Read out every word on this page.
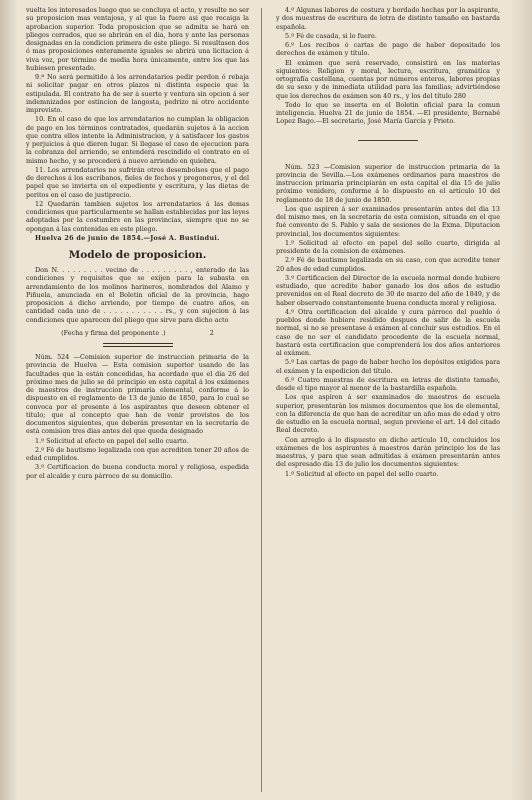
vuelta los interesados luego que se concluya el acto, y resulte no ser su proposicion mas ventajosa, y al que la fuere asi que recaiga la aprobacion superior. Toda proposicion que se admita se hará en pliegos cerrados, que se abrirán en el dia, hora y ante las personas designadas en la condicion primera de este pliego. Si resultasen dos ó mas proposiciones enteramente iguales se abrirá una licitacion á viva voz, por término de media hora únicamente, entre los que las hubiesen presentado.

9.ª No será permitido á los arrendatarios pedir perdon ó rebaja ni solicitar pagar en otros plazos ni distinta especie que la estipulada. El contrato ha de ser á suerte y ventura sin opcion á ser indemnizados por estincion de langosta, pedrizo ni otro accidente imprevisto.

10. En el caso de que los arrendatarios no cumplan la obligacion de pago en los términos contratados, quedarán sujetos á la accion que contra ellos intente la Administracion, y á satisfacer los gastos y perjuicios á que dieren lugar. Si llegase el caso de ejecucion para la cobranza del arriendo, se entenderá rescindido el contrato en el mismo hecho, y se procederá á nuevo arriendo en quiebra.

11. Los arrendatarios no sufrirán otros desembolsos que el pago de derechos á los escribanos, fieles de fechos y pregoneros, y el del papel que se invierta en el expediente y escritura, y las dietas de peritos en el caso de justiprecio.

12 Quedarán tambien sujetos los arrendatarios á las demas condiciones que particularmente se hallan establecidas por las leyes adoptadas por la costumbre en las provincias, siempre que no se opongan á las contenidas en este pliego.

Huelva 26 de junio de 1854.—José A. Bustindui.

Modelo de proposicion.

Don N. . . . . . . . . vecino de . . . . . . . . . , enterado de las condiciones y requisitos que se exijen para la subasta en arrendamiento de los molinos harineros, nombrados del Alamo y Piñuela, anunciada en el Boletin oficial de la provincia, hago proposicion á dicho arriendo, por tiempo de cuatro años, en cantidad cada uno de . . . . . . . . . . . rs., y con sujecion á las condiciones que aparecen del pliego que sirve para dicho acto

(Fecha y firma del proponente .)	2

Núm. 524 —Comision superior de instruccion primaria de la provincia de Huelva — Esta comision superior usando de las facultades que la están concedidas, ha acordado que el dia 26 del próximo mes de julio se dé principio en esta capital á los exámenes de maestros de instruccion primaria elemental, conforme á lo dispuesto en el reglamento de 13 de junio de 1850, para lo cual se convoca por el presente á los aspirantes que deseen obtener el título; que al concepto que han de venir provistos de los documentos siguientes, que deberán presentar en la secretaría de está comision tres dias antes del que queda designado

1.º Solicitud al efecto en papel del sello cuarto.

2.º Fé de bautismo legalizada con que acrediten tener 20 años de edad cumplidos.

3.º Certificacion de buena conducta moral y religiosa, espedida por el alcalde y cura párroco de su domicilio.

4.º Algunas labores de costura y bordado hechas por la aspirante, y dos muestras de escritura de letra de distinto tamaño en bastarda española.

5.º Fé de casada, si lo fuere.

6.º Los recibos ó cartas de pago de haber depositado los derechos de exámen y título.

El exámen que será reservado, consistirá en las materias siguientes: Religion y moral, lectura, escritura, gramática y ortografía castellana, cuentas por números enteros, labores propias de su sexo y de inmediata utilidad para las familias; advirtiéndose que los derechos de exámen son 40 rs., y los del título 280

Todo lo que se inserta en el Boletin oficial para la comun inteligencia. Huelva 21 de junio de 1854. —El presidente, Bernabé Lopez Bago.—El secretario, José María García y Prieto.

Núm. 523 —Comision superior de instruccion primaria de la provincia de Sevilla.—Los exámenes ordinarios para maestros de instruccion primaria principiarán en esta capital el dia 15 de julio próximo venidero, conforme á lo dispuesto en el artículo 10 del reglamento de 18 de junio de 1850.

Los que aspiren á ser examinados presentarán antes del dia 13 del mismo mes, en la secretaria de esta comision, situada en el que fué convento de S. Pablo y sala de sesiones de la Exma. Diputacion provincial, los documentos siguientes:

1.º Solicitud al efecto en papel del sello cuarto, dirigida al presidente de la comision de exámenes.

2.º Fé de bautismo legalizada en su caso, con que acredite tener 20 años de edad cumplidos.

3.º Certificacion del Director de la escuela normal donde hubiere estudiado, que acredite haber ganado los dos años de estudio prevenidos en el Real decreto de 30 de marzo del año de 1849, y de haber observado constantemente buena conducta moral y religiosa.

4.º Otra certificacion del alcalde y cura párroco del pueblo ó pueblos donde hubiere residido despues de salir de la escuela normal, si no se presentase á exámen al concluir sus estudios. En el caso de no ser el candidato procedente de la escuela normal, bastará esta certificacion que comprenderá los dos años anteriores al exámen.

5.º Las cartas de pago de haber hecho los depósitos exigidos para el exámen y la espedicion del título.

6.º Cuatro muestras de escritura en letras de distinto tamaño, desde el tipo mayor al menor de la bastardilla española.

Los que aspiren á ser examinados de maestros de escuela superior, presentarán los mismos documentos que los de elemental, con la diferencia de que han de acreditar un año mas de edad y otro de estudio en la escuela normal, segun previene el art. 14 del citado Real decreto.

Con arreglo á lo dispuesto en dicho artículo 10, concluidos los exámenes de los aspirantes á maestros darán principio los de las maestras, y para que sean admitidas á exámen presentarán antes del espresado dia 13 de julio los documentos siguientes:

1.º Solicitud al efecto en papel del sello cuarto.
